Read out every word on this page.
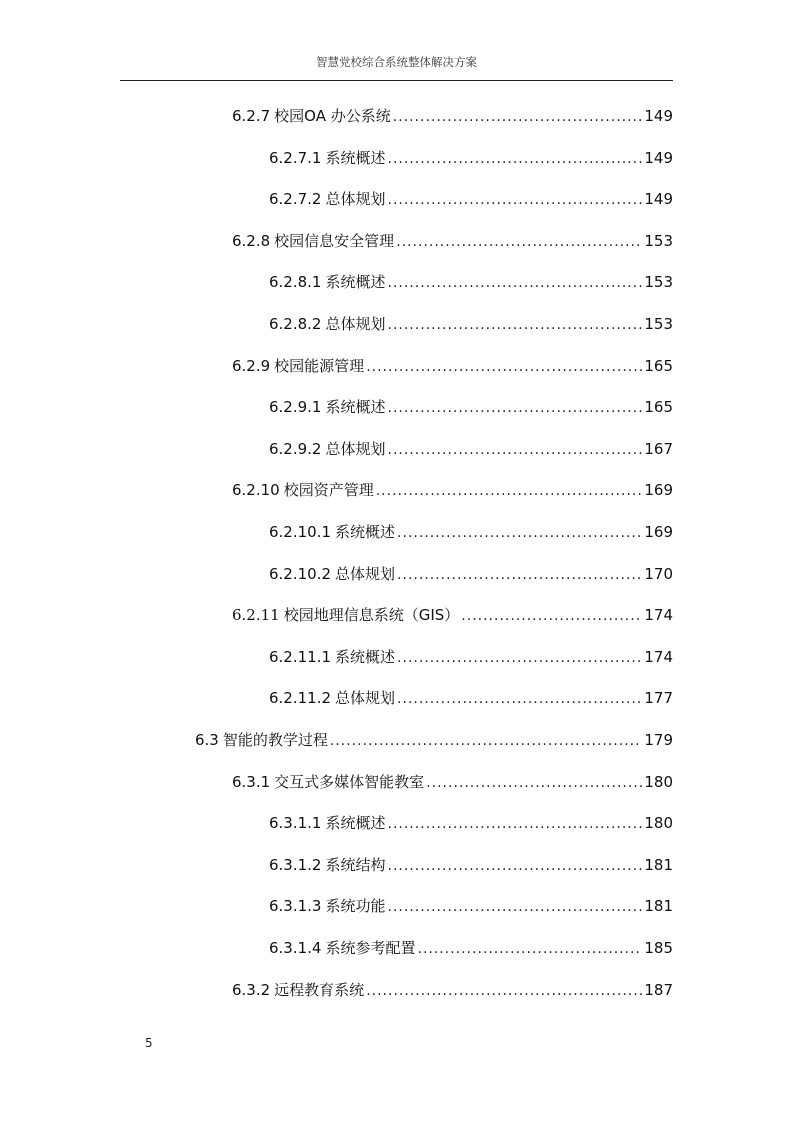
智慧党校综合系统整体解决方案
6.2.7 校园OA 办公系统 .....	149
6.2.7.1 系统概述 .....	149
6.2.7.2 总体规划 .....	149
6.2.8 校园信息安全管理 .....	153
6.2.8.1 系统概述 .....	153
6.2.8.2 总体规划 .....	153
6.2.9 校园能源管理 .....	165
6.2.9.1 系统概述 .....	165
6.2.9.2 总体规划 .....	167
6.2.10 校园资产管理 .....	169
6.2.10.1 系统概述 .....	169
6.2.10.2 总体规划 .....	170
6.2.11 校园地理信息系统（GIS） .....	174
6.2.11.1 系统概述 .....	174
6.2.11.2 总体规划 .....	177
6.3 智能的教学过程 .....	179
6.3.1 交互式多媒体智能教室 .....	180
6.3.1.1 系统概述 .....	180
6.3.1.2 系统结构 .....	181
6.3.1.3 系统功能 .....	181
6.3.1.4 系统参考配置 .....	185
6.3.2 远程教育系统 .....	187
5
